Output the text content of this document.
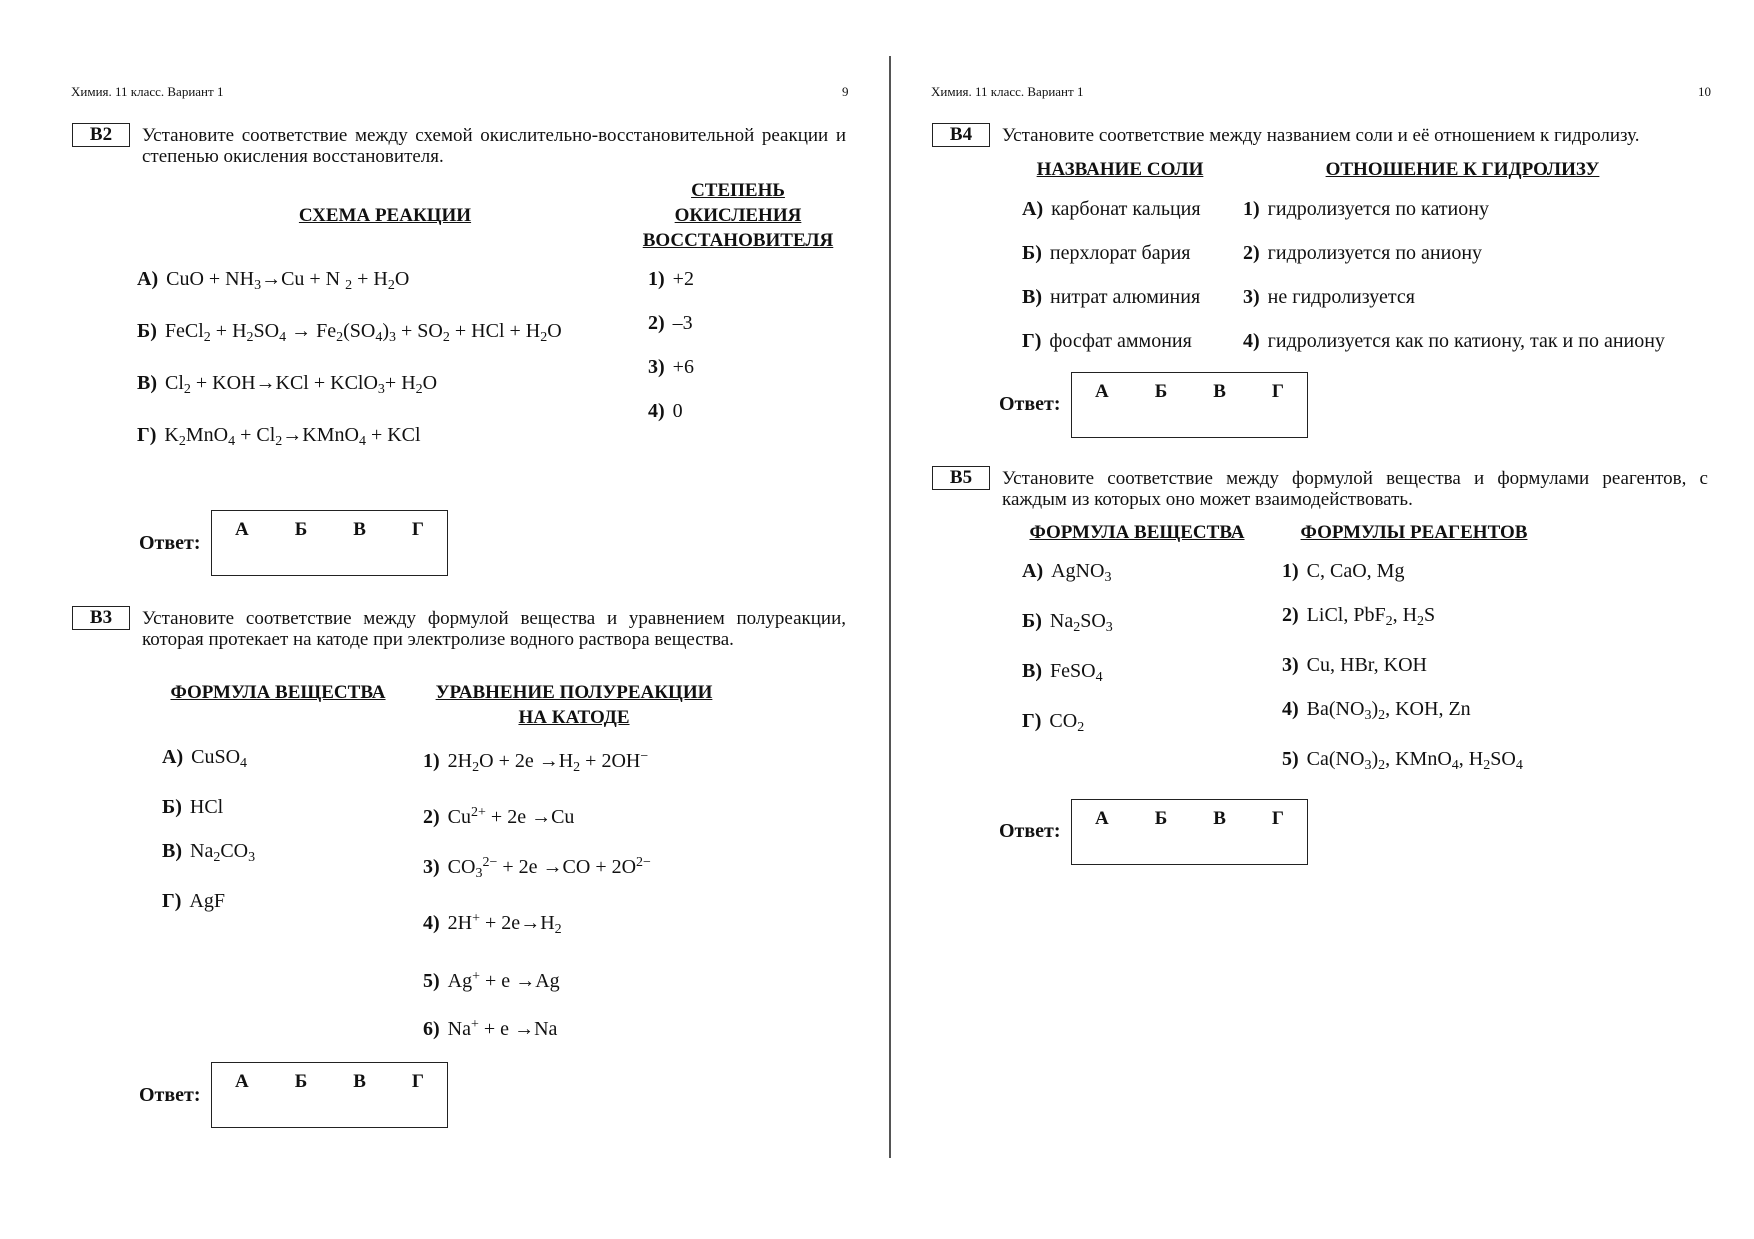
Химия. 11 класс. Вариант 1	9
B2	Установите соответствие между схемой окислительно-восстановительной реакции и степенью окисления восстановителя.
СХЕМА РЕАКЦИИ
СТЕПЕНЬ
ОКИСЛЕНИЯ
ВОССТАНОВИТЕЛЯ
А) CuO + $NH_3\to Cu + N$ $_2 + H_2O$
Б) FeCl$_2$ + $H_2SO_4 \to Fe_2(SO_4)_3 + SO_2$ + HCl + $H_2O$
В) $Cl_2 + KOH\to KCl$ + KClO$_3$+ $H_2O$
Г) $K_2MnO_4$ + $Cl_2\to KMnO_4$ + KCl
1) +2
2) –3
3) +6
4) 0
Ответ:
А Б В Г
B3	Установите соответствие между формулой вещества и уравнением полуреакции, которая протекает на катоде при электролизе водного раствора вещества.
ФОРМУЛА ВЕЩЕСТВА	УРАВНЕНИЕ ПОЛУРЕАКЦИИ
НА КАТОДЕ
А) CuSO$_4$
Б) HCl
В) $Na_2CO_3$
Г) AgF
1) $2H_2O + 2e \to H_2 + 2OH^-$
2) $Cu^{2+} + 2e \to Cu$
3) $CO_3^{2-} + 2e \to CO + 2O^{2-}$
4) $2H^+ + 2e\to H_2$
5) Ag+ + e →Ag
6) Na+ + e →Na
Ответ:
А Б В Г
Химия. 11 класс. Вариант 1	10
B4	Установите соответствие между названием соли и её отношением к гидролизу.
НАЗВАНИЕ СОЛИ	ОТНОШЕНИЕ К ГИДРОЛИЗУ
А) карбонат кальция
Б) перхлорат бария
В) нитрат алюминия
Г) фосфат аммония
1) гидролизуется по катиону
2) гидролизуется по аниону
3) не гидролизуется
4) гидролизуется как по катиону, так и по аниону
Ответ:
А Б В Г
B5	Установите соответствие между формулой вещества и формулами реагентов, с каждым из которых оно может взаимодействовать.
ФОРМУЛА ВЕЩЕСТВА	ФОРМУЛЫ РЕАГЕНТОВ
А) AgNO$_3$
Б) $Na_2SO_3$
В) FeSO$_4$
Г) $CO_2$
1) C, CaO, Mg
2) LiCl, PbF$_2$, $H_2S$
3) Cu, HBr, KOH
4) $Ba(NO_3)_2$, KOH, Zn
5) $Ca(NO_3)_2$, KMnO$_4$, $H_2SO_4$
Ответ:
А Б В Г
